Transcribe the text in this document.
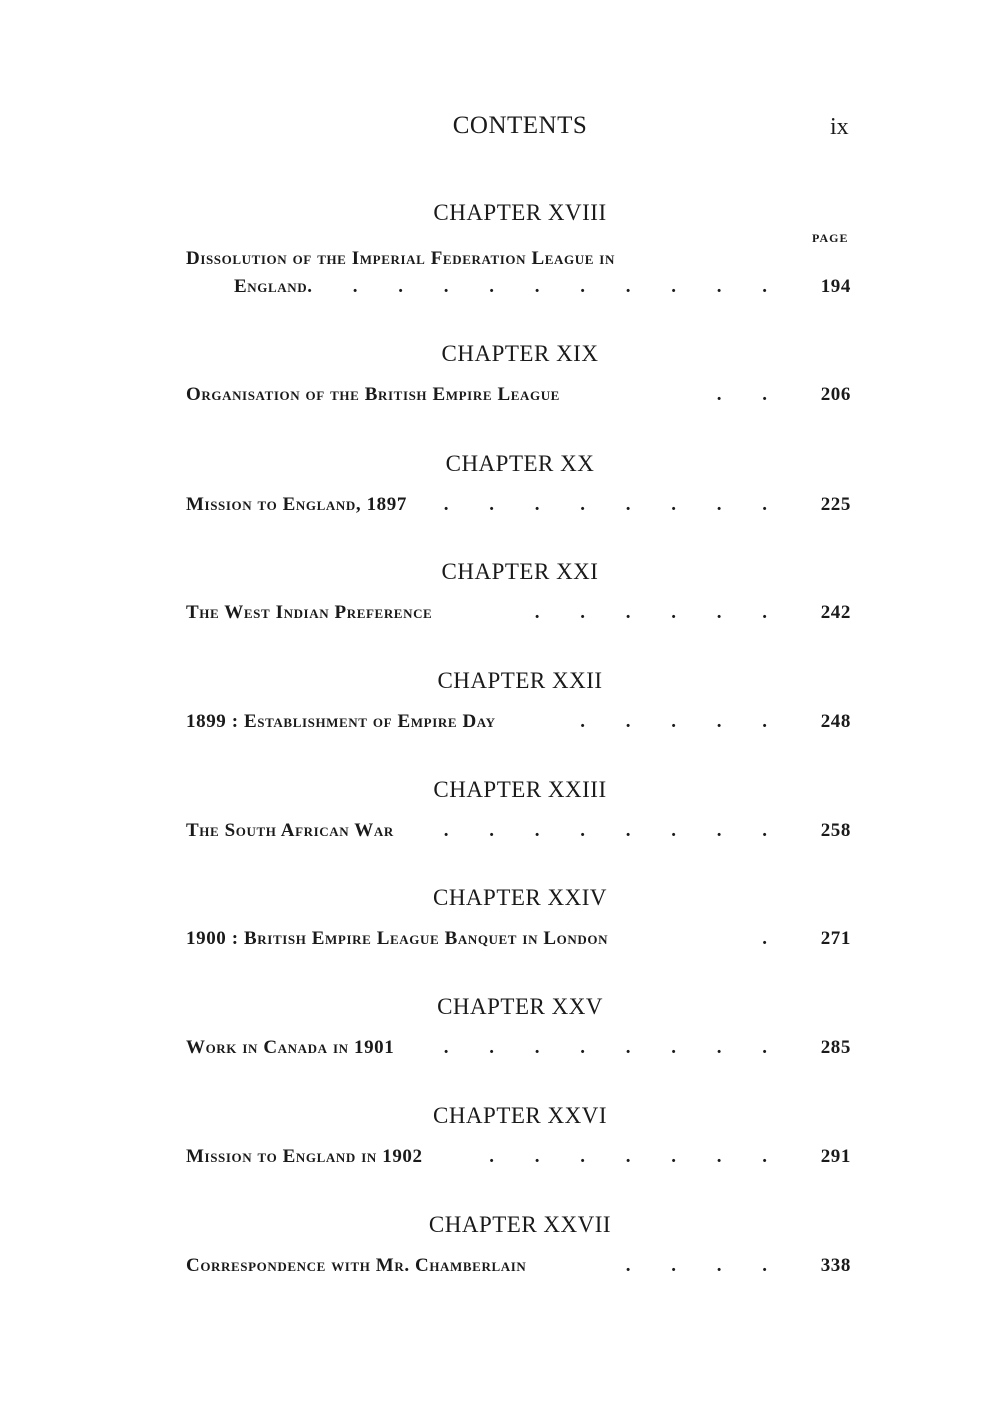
CONTENTS	ix
PAGE
CHAPTER XVIII
Dissolution of the Imperial Federation League in
England . . . . . . . . . . .	194
CHAPTER XIX
Organisation of the British Empire League	. .	206
CHAPTER XX
Mission to England, 1897 . . . . . . . .	225
CHAPTER XXI
The West Indian Preference	. . . . . .	242
CHAPTER XXII
1899 : Establishment of Empire Day	. . . . .	248
CHAPTER XXIII
The South African War	. . . . . . . .	258
CHAPTER XXIV
1900 : British Empire League Banquet in London	.	271
CHAPTER XXV
Work in Canada in 1901	. . . . . . . .	285
CHAPTER XXVI
Mission to England in 1902	. . . . . . .	291
CHAPTER XXVII
Correspondence with Mr. Chamberlain	. . . .	338
